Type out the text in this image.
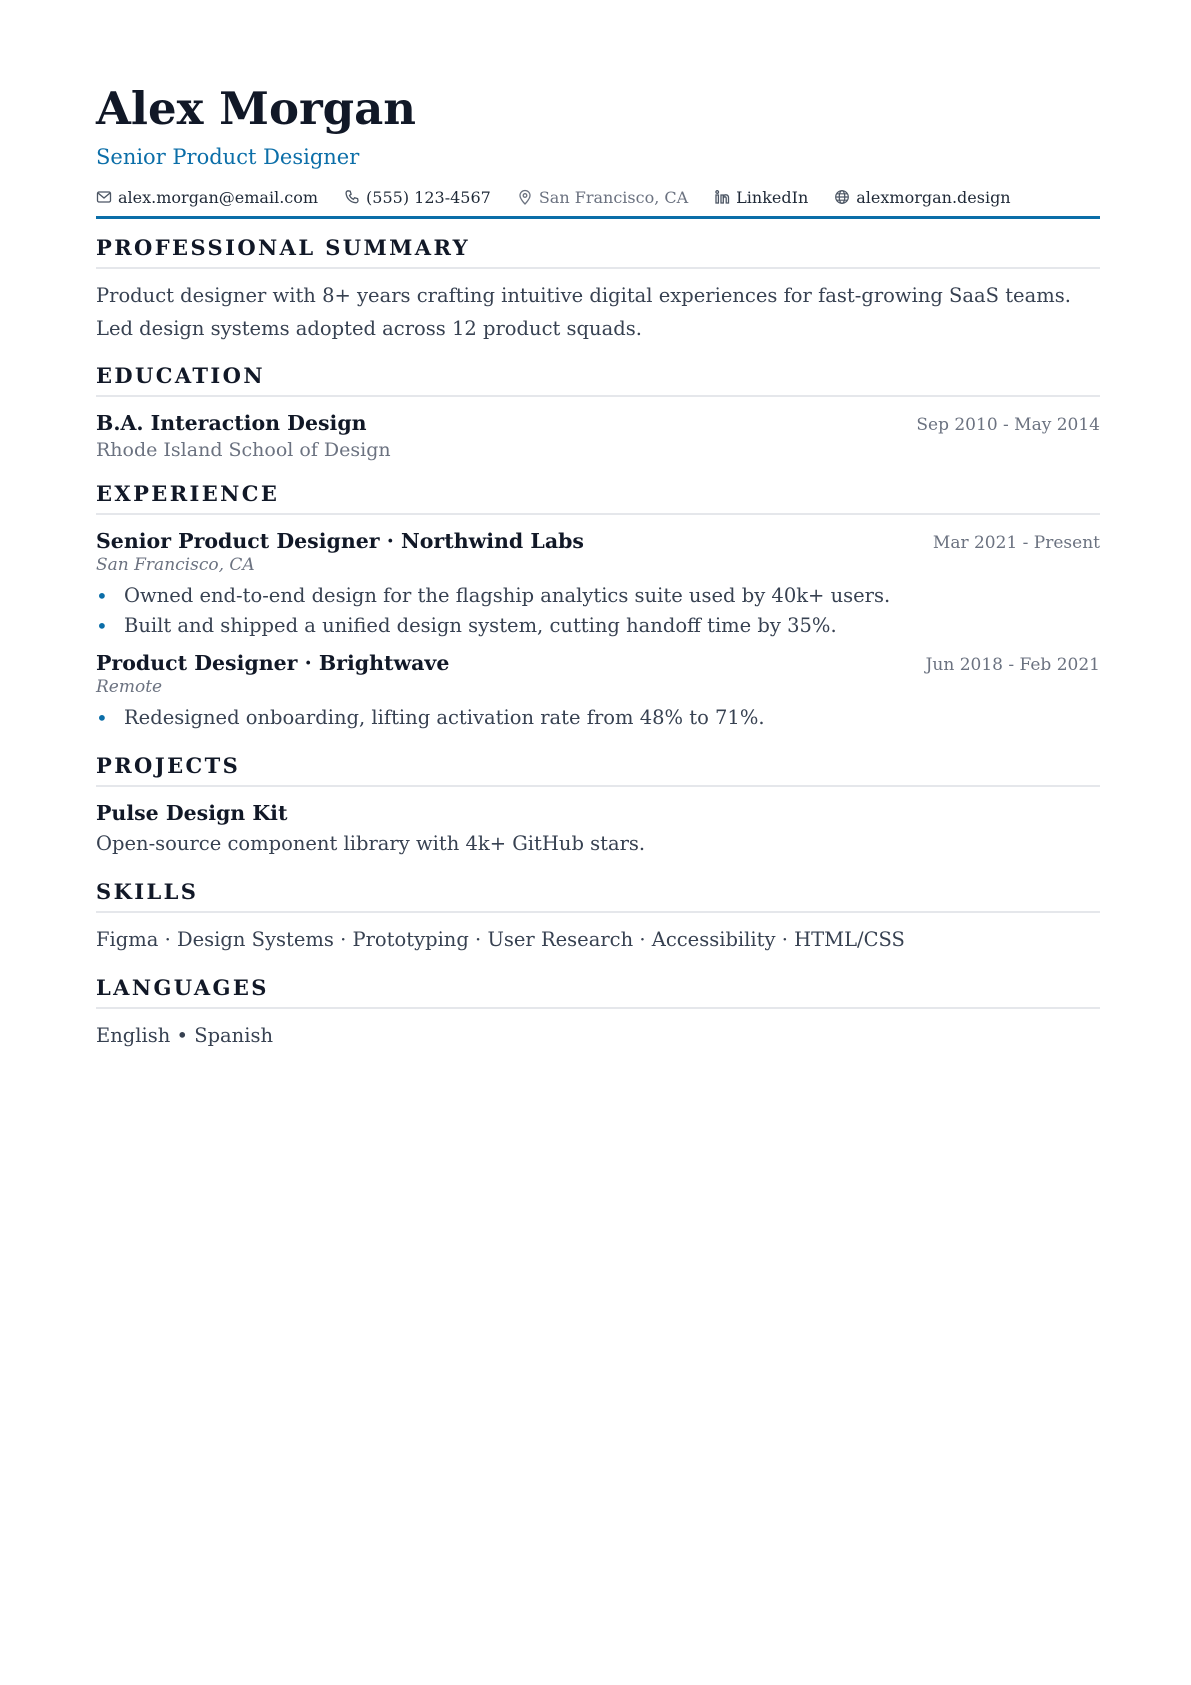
Alex Morgan
Senior Product Designer
alex.morgan@email.com	(555) 123-4567	San Francisco, CA	LinkedIn	alexmorgan.design
PROFESSIONAL SUMMARY
Product designer with 8+ years crafting intuitive digital experiences for fast-growing SaaS teams. Led design systems adopted across 12 product squads.
EDUCATION
B.A. Interaction Design	Sep 2010 - May 2014
Rhode Island School of Design
EXPERIENCE
Senior Product Designer · Northwind Labs	Mar 2021 - Present
San Francisco, CA
• Owned end-to-end design for the flagship analytics suite used by 40k+ users.
• Built and shipped a unified design system, cutting handoff time by 35%.
Product Designer · Brightwave	Jun 2018 - Feb 2021
Remote
• Redesigned onboarding, lifting activation rate from 48% to 71%.
PROJECTS
Pulse Design Kit
Open-source component library with 4k+ GitHub stars.
SKILLS
Figma · Design Systems · Prototyping · User Research · Accessibility · HTML/CSS
LANGUAGES
English • Spanish
